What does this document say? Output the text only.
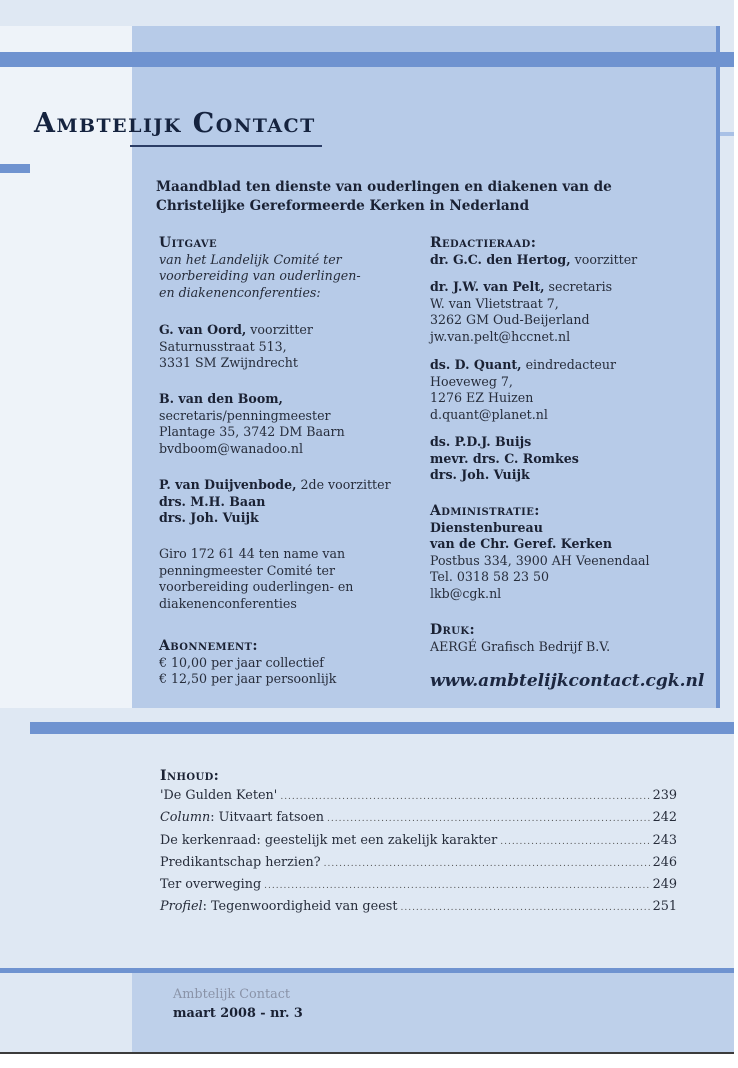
Ambtelijk Contact
Maandblad ten dienste van ouderlingen en diakenen van de Christelijke Gereformeerde Kerken in Nederland

Uitgave

van het Landelijk Comité ter

voorbereiding van ouderlingen-

en diakenenconferenties:

G. van Oord, voorzitter

Saturnusstraat 513,

3331 SM Zwijndrecht

B. van den Boom,

secretaris/penningmeester

Plantage 35, 3742 DM Baarn

bvdboom@wanadoo.nl

P. van Duijvenbode, 2de voorzitter

drs. M.H. Baan

drs. Joh. Vuijk

Giro 172 61 44 ten name van

penningmeester Comité ter

voorbereiding ouderlingen- en

diakenenconferenties

Abonnement:

€ 10,00 per jaar collectief

€ 12,50 per jaar persoonlijk

Redactieraad:

dr. G.C. den Hertog, voorzitter

dr. J.W. van Pelt, secretaris

W. van Vlietstraat 7,

3262 GM Oud-Beijerland

jw.van.pelt@hccnet.nl

ds. D. Quant, eindredacteur

Hoeveweg 7,

1276 EZ Huizen

d.quant@planet.nl

ds. P.D.J. Buijs

mevr. drs. C. Romkes

drs. Joh. Vuijk

Administratie:

Dienstenbureau

van de Chr. Geref. Kerken

Postbus 334, 3900 AH Veenendaal

Tel. 0318 58 23 50

lkb@cgk.nl

Druk:

AERGÉ Grafisch Bedrijf B.V.

www.ambtelijkcontact.cgk.nl
Inhoud:
'De Gulden Keten' .....	239
Column: Uitvaart fatsoen .....	242
De kerkenraad: geestelijk met een zakelijk karakter .....	243
Predikantschap herzien? .....	246
Ter overweging .....	249
Profiel: Tegenwoordigheid van geest .....	251
Ambtelijk Contact
maart 2008 - nr. 3
